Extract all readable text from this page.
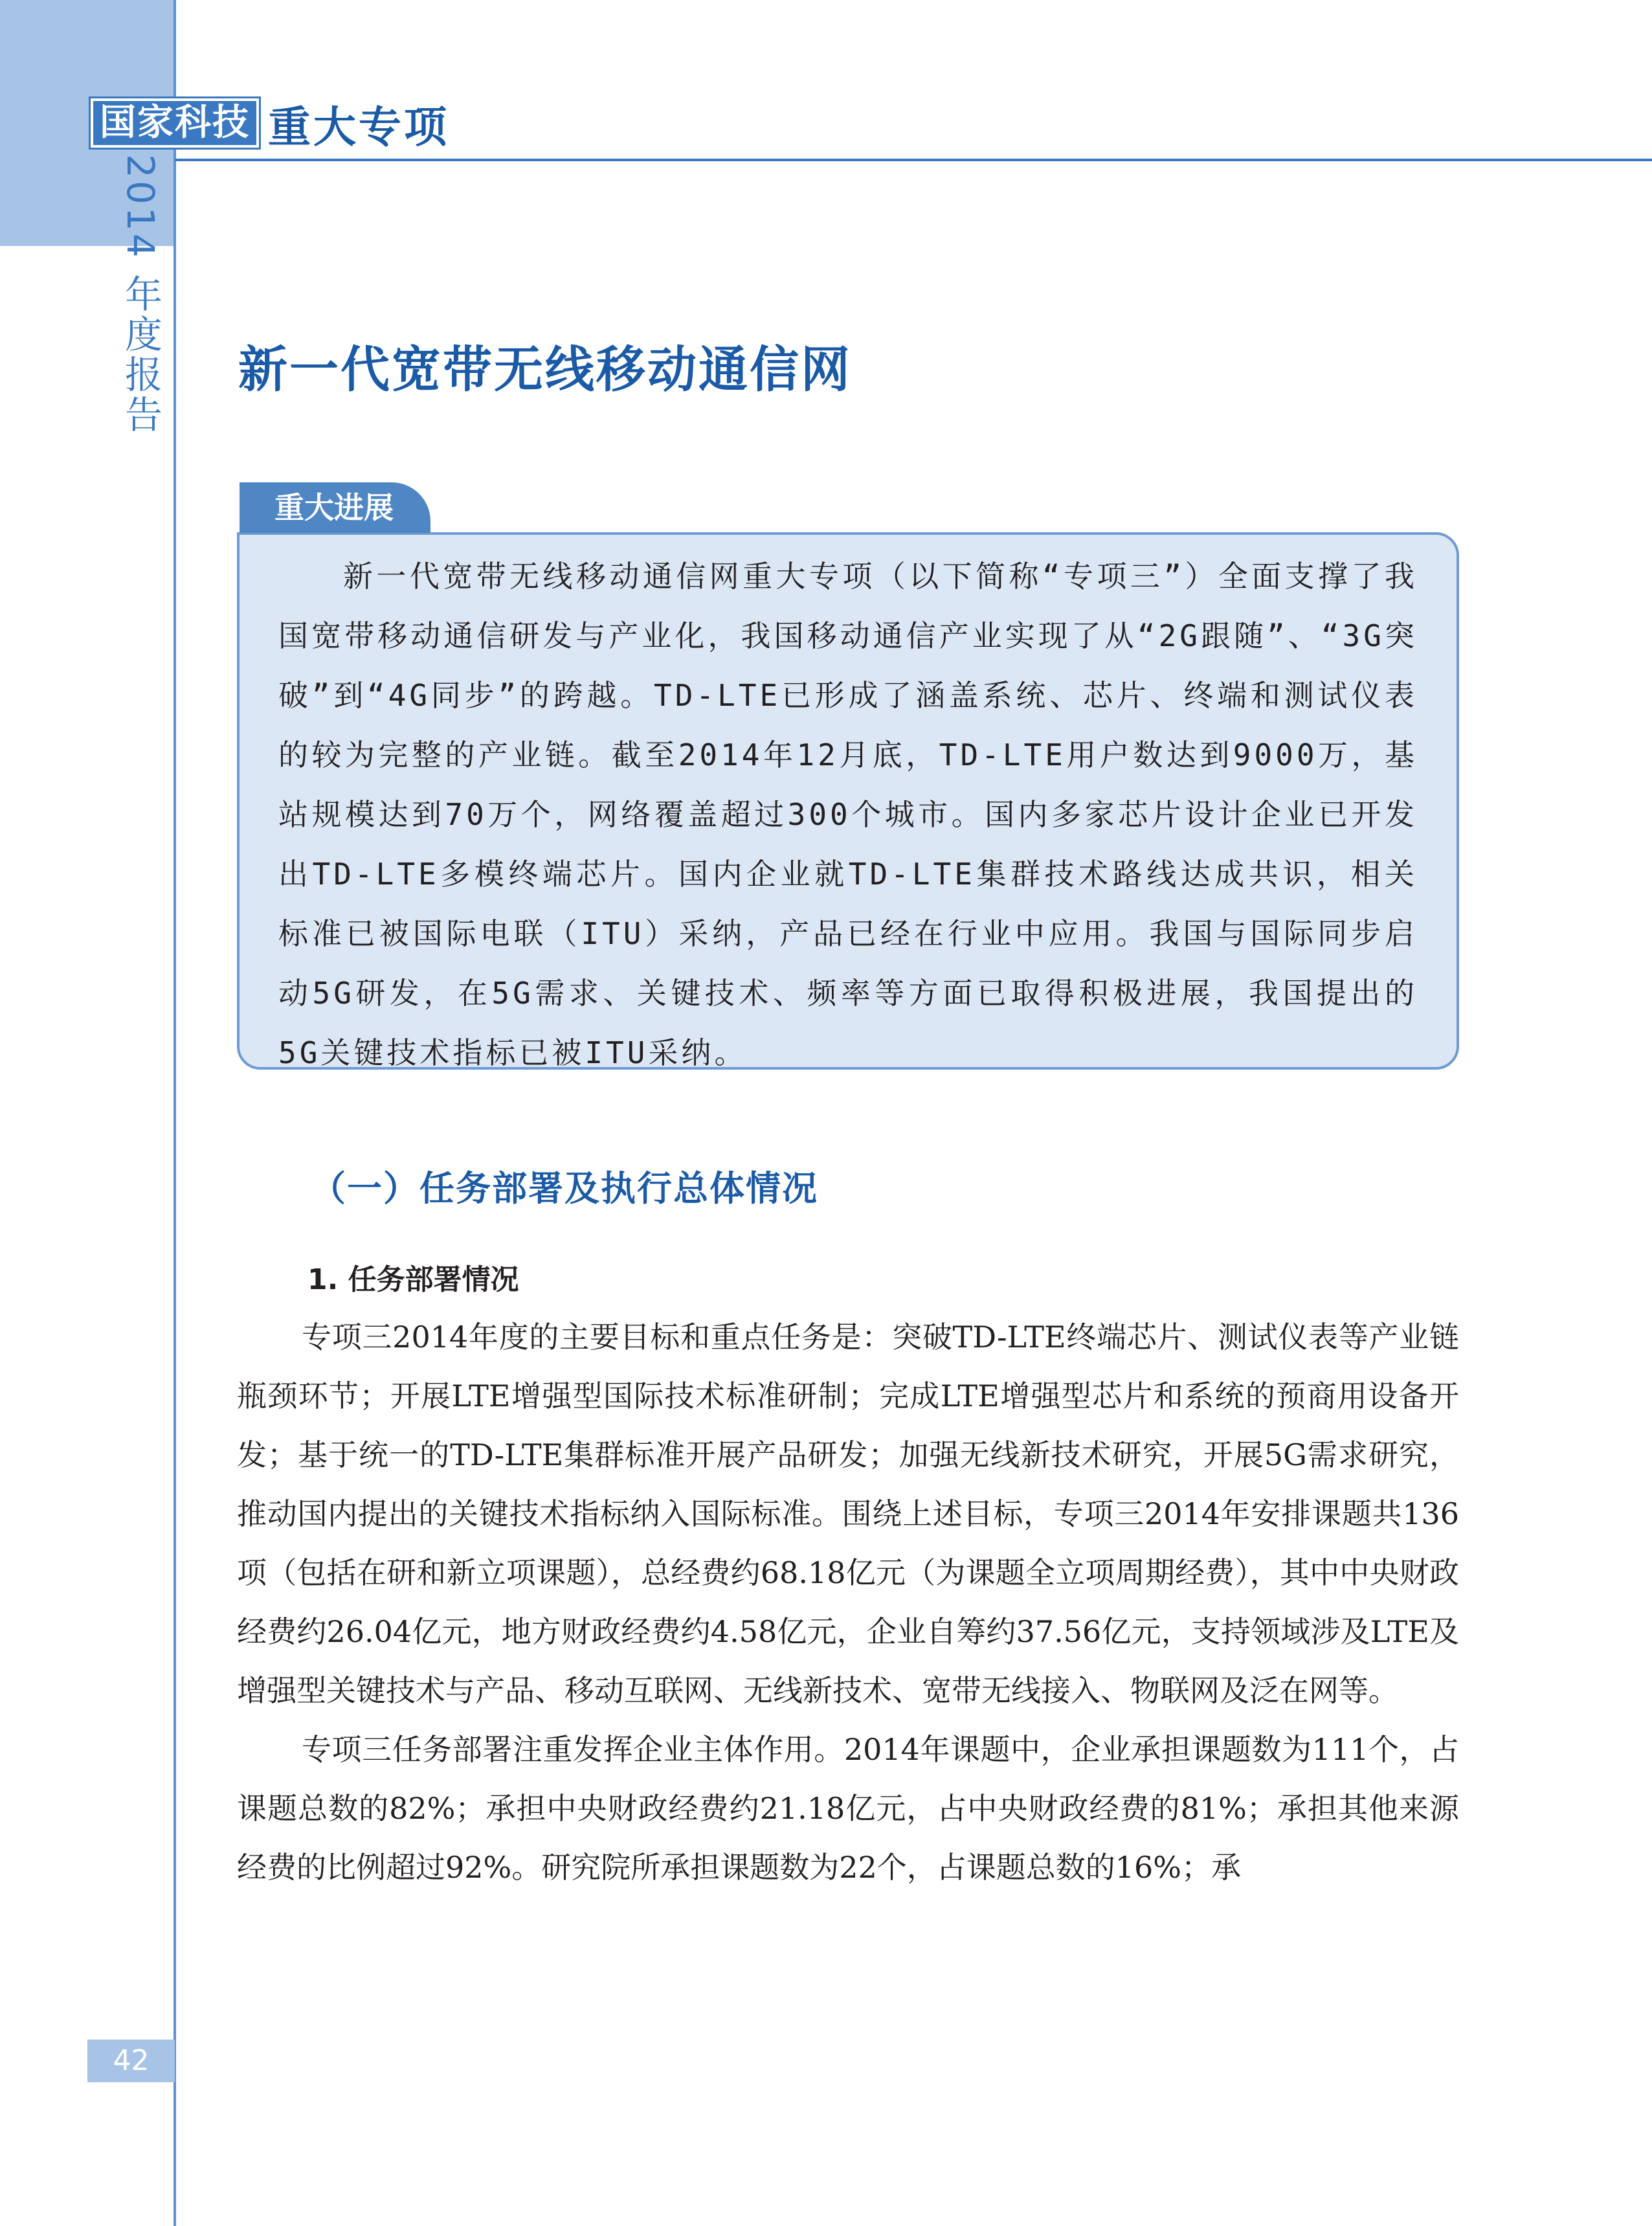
国家科技 重大专项
2014 年度报告 新一代宽带无线移动通信网
重大进展

新一代宽带无线移动通信网重大专项（以下简称“专项三”）全面支撑了我国宽带移动通信研发与产业化，我国移动通信产业实现了从“2G跟随”、“3G突破”到“4G同步”的跨越。TD-LTE已形成了涵盖系统、芯片、终端和测试仪表的较为完整的产业链。截至2014年12月底，TD-LTE用户数达到9000万，基站规模达到70万个，网络覆盖超过300个城市。国内多家芯片设计企业已开发出TD-LTE多模终端芯片。国内企业就TD-LTE集群技术路线达成共识，相关标准已被国际电联（ITU）采纳，产品已经在行业中应用。我国与国际同步启动5G研发，在5G需求、关键技术、频率等方面已取得积极进展，我国提出的5G关键技术指标已被ITU采纳。

（一）任务部署及执行总体情况
1. 任务部署情况

专项三2014年度的主要目标和重点任务是：突破TD-LTE终端芯片、测试仪表等产业链瓶颈环节；开展LTE增强型国际技术标准研制；完成LTE增强型芯片和系统的预商用设备开发；基于统一的TD-LTE集群标准开展产品研发；加强无线新技术研究，开展5G需求研究，推动国内提出的关键技术指标纳入国际标准。围绕上述目标，专项三2014年安排课题共136项（包括在研和新立项课题），总经费约68.18亿元（为课题全立项周期经费），其中中央财政经费约26.04亿元，地方财政经费约4.58亿元，企业自筹约37.56亿元，支持领域涉及LTE及增强型关键技术与产品、移动互联网、无线新技术、宽带无线接入、物联网及泛在网等。

专项三任务部署注重发挥企业主体作用。2014年课题中，企业承担课题数为111个，占课题总数的82%；承担中央财政经费约21.18亿元，占中央财政经费的81%；承担其他来源经费的比例超过92%。研究院所承担课题数为22个，占课题总数的16%；承

42
